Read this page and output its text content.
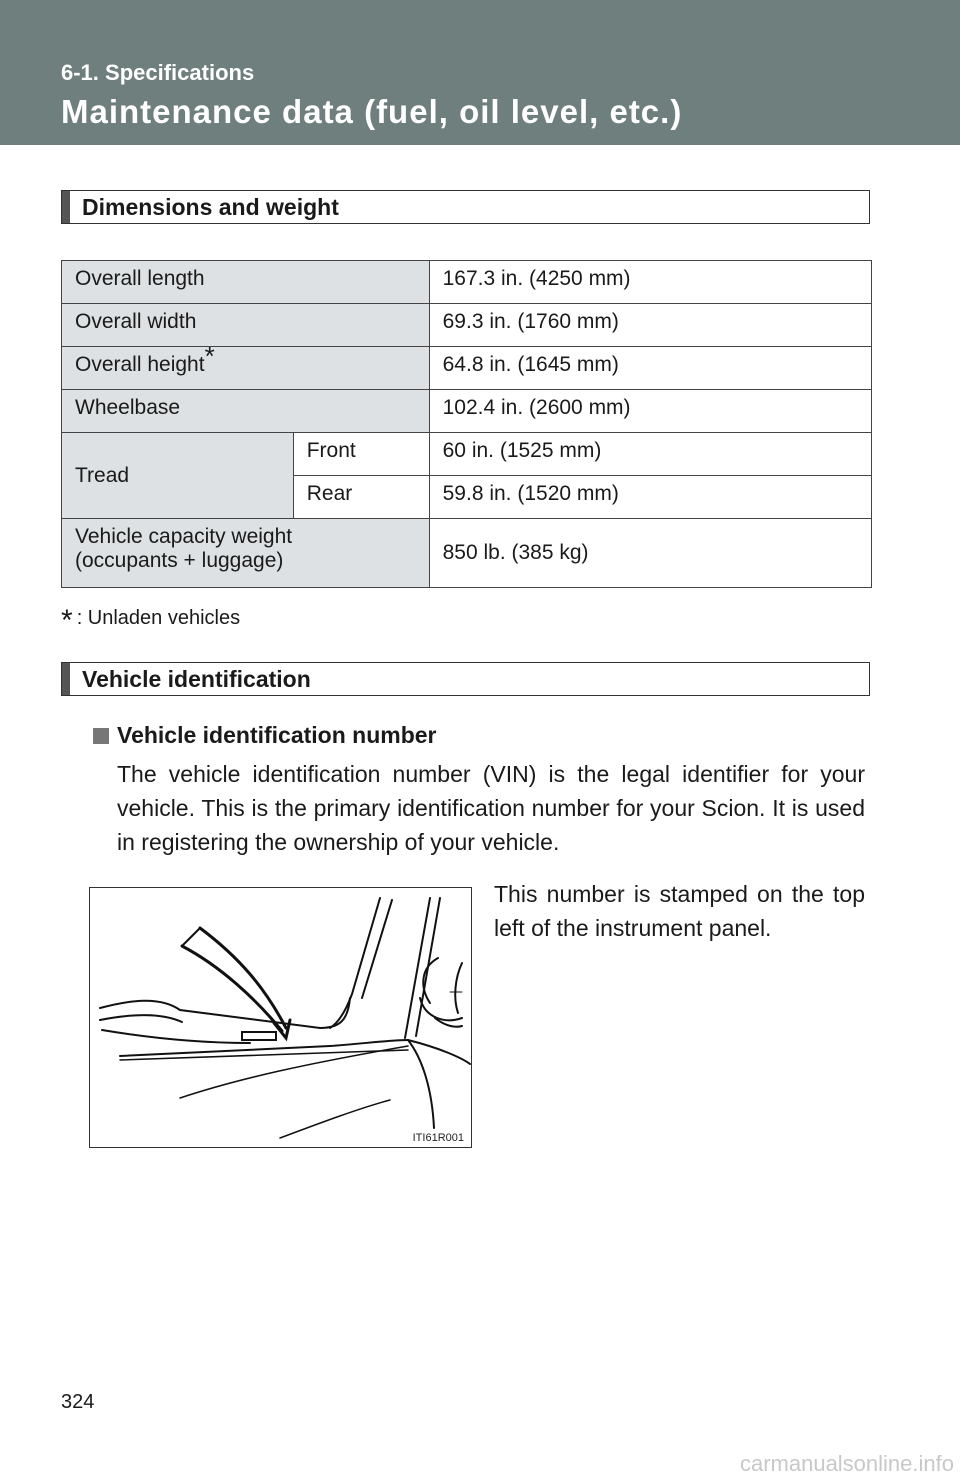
6-1. Specifications
Maintenance data (fuel, oil level, etc.)
Dimensions and weight
Overall length		167.3 in. (4250 mm)
Overall width		69.3 in. (1760 mm)
Overall height*		64.8 in. (1645 mm)
Wheelbase		102.4 in. (2600 mm)
Tread	Front	60 in. (1525 mm)
	Rear	59.8 in. (1520 mm)

Vehicle capacity weight
(occupants + luggage)		850 lb. (385 kg)
* : Unladen vehicles
Vehicle identification
Vehicle identification number
The vehicle identification number (VIN) is the legal identifier for your vehicle. This is the primary identification number for your Scion. It is used in registering the ownership of your vehicle.
ITI61R001
This number is stamped on the top left of the instrument panel.
324
carmanualsonline.info
